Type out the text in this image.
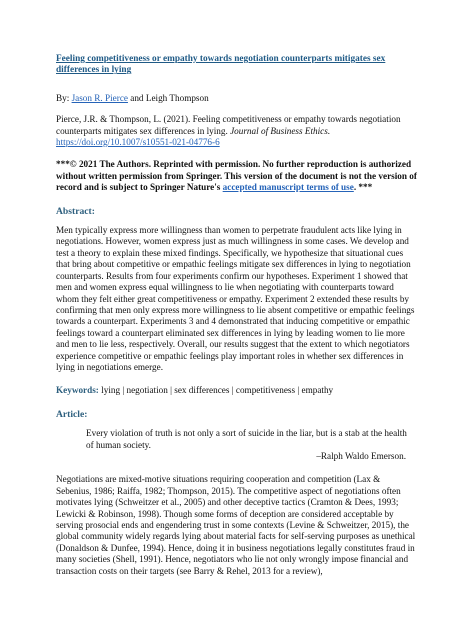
Feeling competitiveness or empathy towards negotiation counterparts mitigates sex differences in lying

By: Jason R. Pierce and Leigh Thompson

Pierce, J.R. & Thompson, L. (2021). Feeling competitiveness or empathy towards negotiation counterparts mitigates sex differences in lying. Journal of Business Ethics.
https://doi.org/10.1007/s10551-021-04776-6

***© 2021 The Authors. Reprinted with permission. No further reproduction is authorized without written permission from Springer. This version of the document is not the version of record and is subject to Springer Nature's accepted manuscript terms of use. ***

Abstract:

Men typically express more willingness than women to perpetrate fraudulent acts like lying in negotiations. However, women express just as much willingness in some cases. We develop and test a theory to explain these mixed findings. Specifically, we hypothesize that situational cues that bring about competitive or empathic feelings mitigate sex differences in lying to negotiation counterparts. Results from four experiments confirm our hypotheses. Experiment 1 showed that men and women express equal willingness to lie when negotiating with counterparts toward whom they felt either great competitiveness or empathy. Experiment 2 extended these results by confirming that men only express more willingness to lie absent competitive or empathic feelings towards a counterpart. Experiments 3 and 4 demonstrated that inducing competitive or empathic feelings toward a counterpart eliminated sex differences in lying by leading women to lie more and men to lie less, respectively. Overall, our results suggest that the extent to which negotiators experience competitive or empathic feelings play important roles in whether sex differences in lying in negotiations emerge.

Keywords: lying | negotiation | sex differences | competitiveness | empathy

Article:

Every violation of truth is not only a sort of suicide in the liar, but is a stab at the health of human society.
–Ralph Waldo Emerson.

Negotiations are mixed-motive situations requiring cooperation and competition (Lax & Sebenius, 1986; Raiffa, 1982; Thompson, 2015). The competitive aspect of negotiations often motivates lying (Schweitzer et al., 2005) and other deceptive tactics (Cramton & Dees, 1993; Lewicki & Robinson, 1998). Though some forms of deception are considered acceptable by serving prosocial ends and engendering trust in some contexts (Levine & Schweitzer, 2015), the global community widely regards lying about material facts for self-serving purposes as unethical (Donaldson & Dunfee, 1994). Hence, doing it in business negotiations legally constitutes fraud in many societies (Shell, 1991). Hence, negotiators who lie not only wrongly impose financial and transaction costs on their targets (see Barry & Rehel, 2013 for a review),
